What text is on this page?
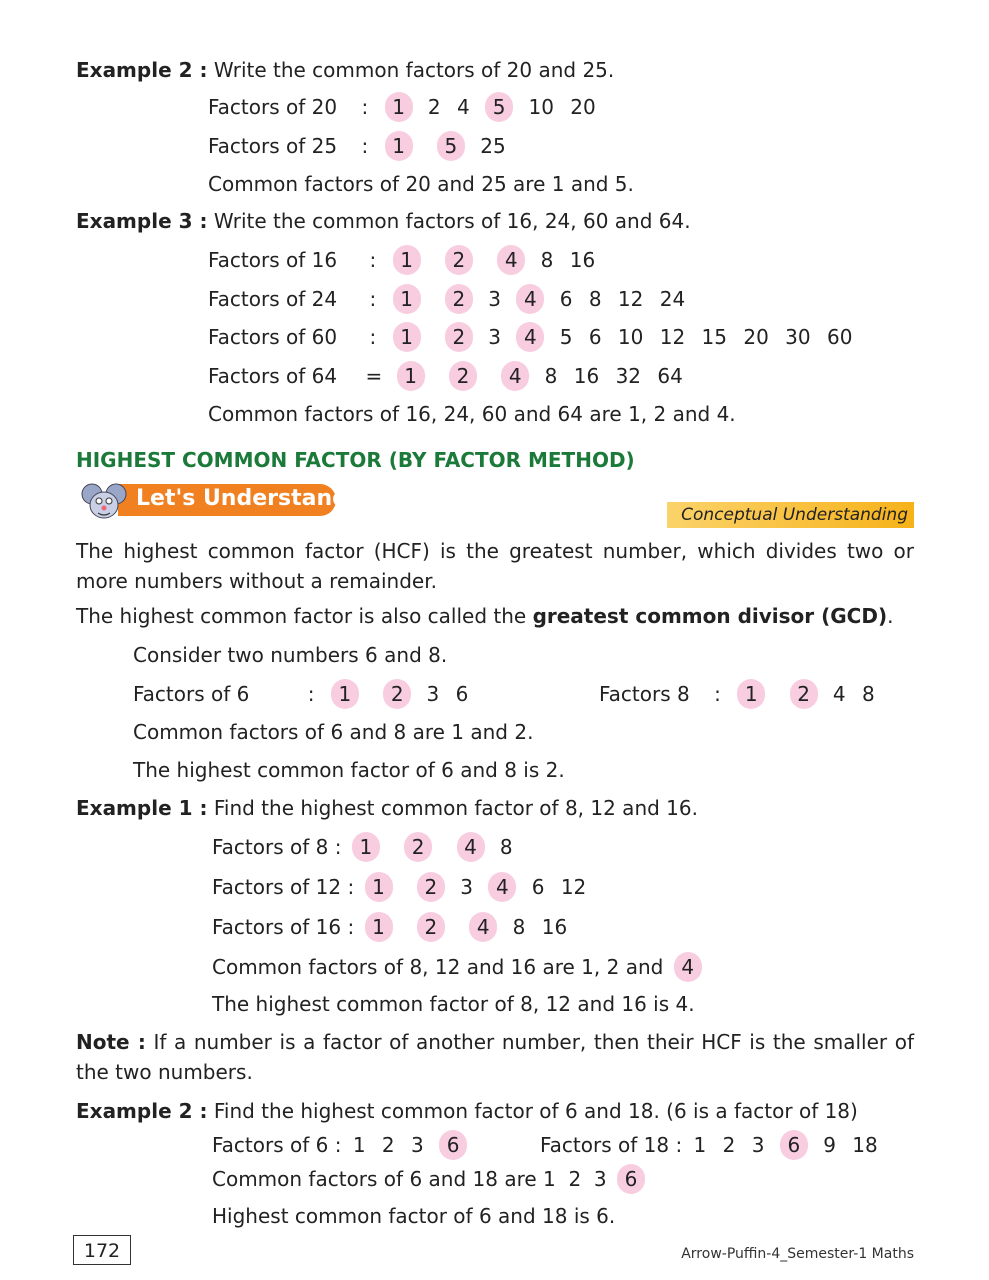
Example 2 : Write the common factors of 20 and 25.
Factors of 20 : 1 2 4 5 10 20
Factors of 25 : 1 5 25
Common factors of 20 and 25 are 1 and 5.
Example 3 : Write the common factors of 16, 24, 60 and 64.
Factors of 16 : 1 2 4 8 16
Factors of 24 : 1 2 3 4 6 8 12 24
Factors of 60 : 1 2 3 4 5 6 10 12 15 20 30 60
Factors of 64 = 1 2 4 8 16 32 64
Common factors of 16, 24, 60 and 64 are 1, 2 and 4.
HIGHEST COMMON FACTOR (BY FACTOR METHOD)
Let's Understand
Conceptual Understanding
The highest common factor (HCF) is the greatest number, which divides two or more numbers without a remainder.
The highest common factor is also called the greatest common divisor (GCD).
Consider two numbers 6 and 8.
Factors of 6	: 1 2 3 6	Factors 8 : 1 2 4 8
Common factors of 6 and 8 are 1 and 2.
The highest common factor of 6 and 8 is 2.
Example 1 : Find the highest common factor of 8, 12 and 16.
Factors of 8 : 1 2 4 8
Factors of 12 : 1 2 3 4 6 12
Factors of 16 : 1 2 4 8 16
Common factors of 8, 12 and 16 are 1, 2 and 4
The highest common factor of 8, 12 and 16 is 4.
Note : If a number is a factor of another number, then their HCF is the smaller of the two numbers.
Example 2 : Find the highest common factor of 6 and 18. (6 is a factor of 18)
Factors of 6 : 1 2 3 6	Factors of 18 : 1 2 3 6 9 18
Common factors of 6 and 18 are 1  2  3 6
Highest common factor of 6 and 18 is 6.
172	Arrow-Puffin-4_Semester-1 Maths
